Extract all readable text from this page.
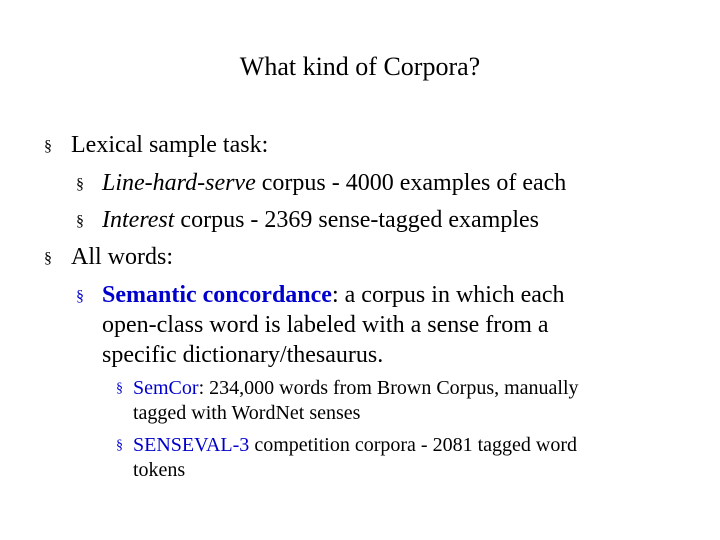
What kind of Corpora?
§ Lexical sample task:
§ Line-hard-serve corpus - 4000 examples of each
§ Interest corpus - 2369 sense-tagged examples
§ All words:
§ Semantic concordance: a corpus in which each
open-class word is labeled with a sense from a
specific dictionary/thesaurus.
§ SemCor: 234,000 words from Brown Corpus, manually
tagged with WordNet senses
§ SENSEVAL-3 competition corpora - 2081 tagged word
tokens
